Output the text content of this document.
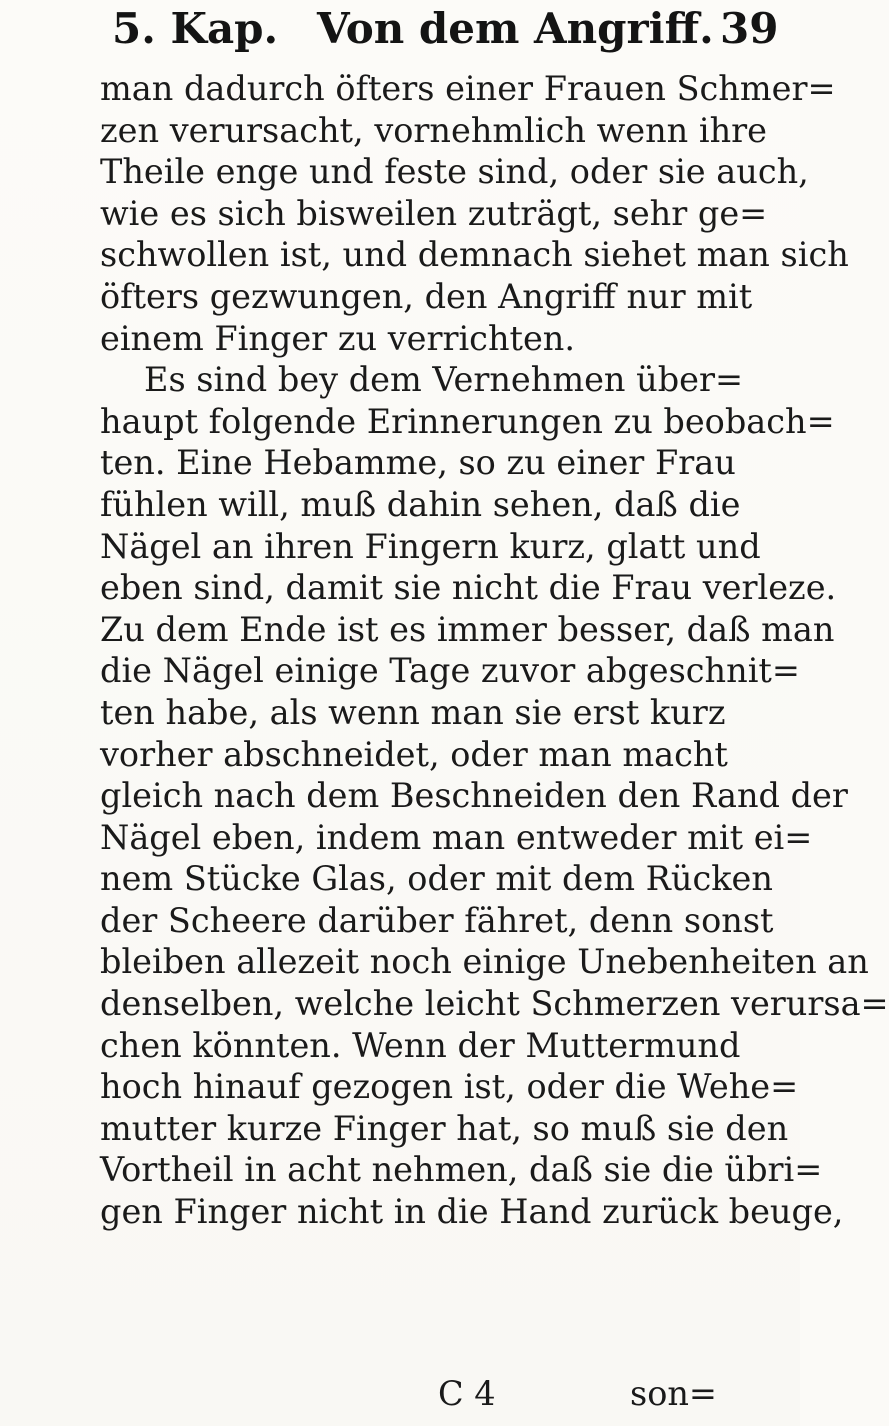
5. Kap. Von dem Angriff. 39
man dadurch öfters einer Frauen Schmer=
zen verursacht, vornehmlich wenn ihre
Theile enge und feste sind, oder sie auch,
wie es sich bisweilen zuträgt, sehr ge=
schwollen ist, und demnach siehet man sich
öfters gezwungen, den Angriff nur mit
einem Finger zu verrichten.
Es sind bey dem Vernehmen über=
haupt folgende Erinnerungen zu beobach=
ten. Eine Hebamme, so zu einer Frau
fühlen will, muß dahin sehen, daß die
Nägel an ihren Fingern kurz, glatt und
eben sind, damit sie nicht die Frau verleze.
Zu dem Ende ist es immer besser, daß man
die Nägel einige Tage zuvor abgeschnit=
ten habe, als wenn man sie erst kurz
vorher abschneidet, oder man macht
gleich nach dem Beschneiden den Rand der
Nägel eben, indem man entweder mit ei=
nem Stücke Glas, oder mit dem Rücken
der Scheere darüber fähret, denn sonst
bleiben allezeit noch einige Unebenheiten an
denselben, welche leicht Schmerzen verursa=
chen könnten. Wenn der Muttermund
hoch hinauf gezogen ist, oder die Wehe=
mutter kurze Finger hat, so muß sie den
Vortheil in acht nehmen, daß sie die übri=
gen Finger nicht in die Hand zurück beuge,
C 4	son=
